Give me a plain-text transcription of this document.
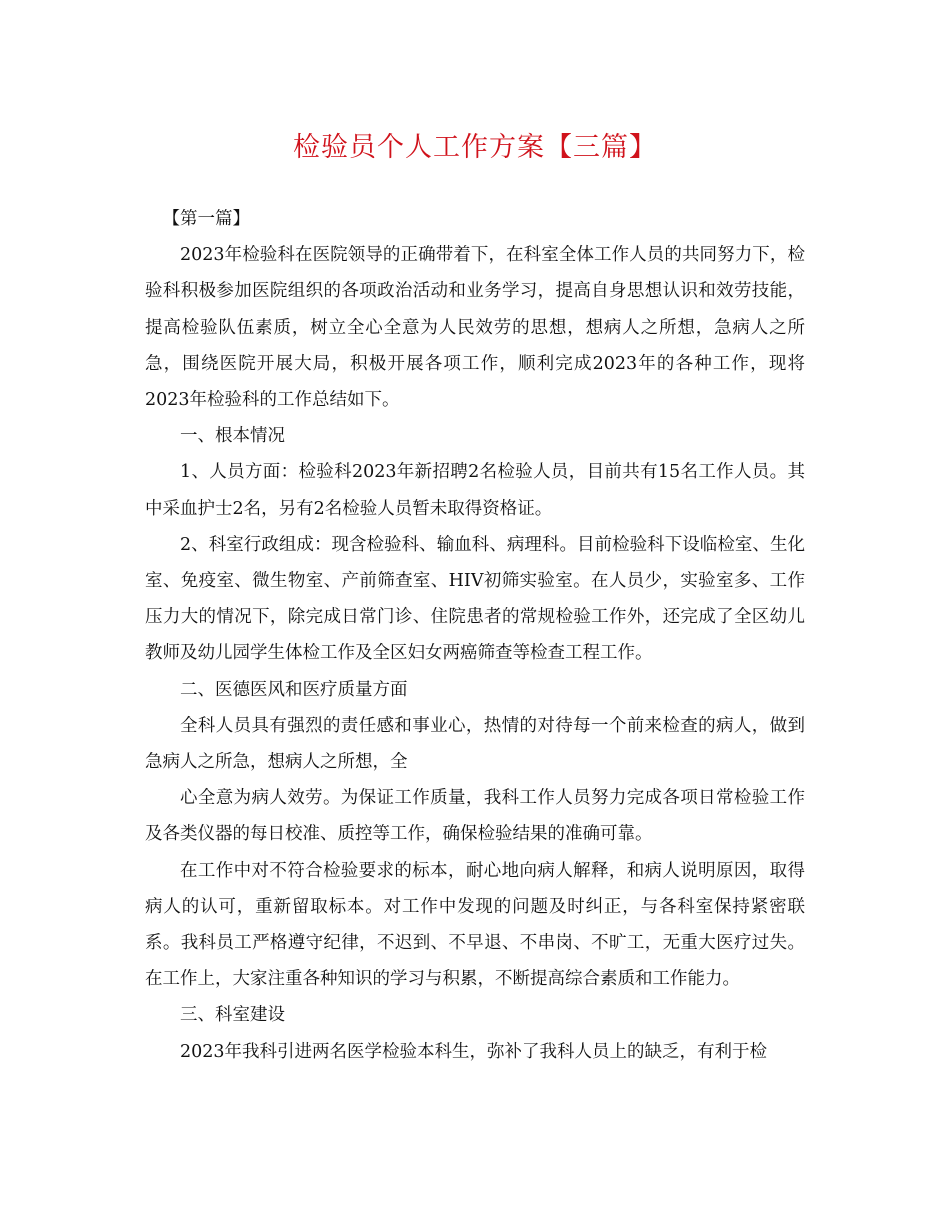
检验员个人工作方案【三篇】

【第一篇】

2023年检验科在医院领导的正确带着下，在科室全体工作人员的共同努力下，检验科积极参加医院组织的各项政治活动和业务学习，提高自身思想认识和效劳技能，提高检验队伍素质，树立全心全意为人民效劳的思想，想病人之所想，急病人之所急，围绕医院开展大局，积极开展各项工作，顺利完成2023年的各种工作，现将2023年检验科的工作总结如下。

一、根本情况

1、人员方面：检验科2023年新招聘2名检验人员，目前共有15名工作人员。其中采血护士2名，另有2名检验人员暂未取得资格证。

2、科室行政组成：现含检验科、输血科、病理科。目前检验科下设临检室、生化室、免疫室、微生物室、产前筛查室、HIV初筛实验室。在人员少，实验室多、工作压力大的情况下，除完成日常门诊、住院患者的常规检验工作外，还完成了全区幼儿教师及幼儿园学生体检工作及全区妇女两癌筛查等检查工程工作。

二、医德医风和医疗质量方面

全科人员具有强烈的责任感和事业心，热情的对待每一个前来检查的病人，做到急病人之所急，想病人之所想，全

心全意为病人效劳。为保证工作质量，我科工作人员努力完成各项日常检验工作及各类仪器的每日校准、质控等工作，确保检验结果的准确可靠。

在工作中对不符合检验要求的标本，耐心地向病人解释，和病人说明原因，取得病人的认可，重新留取标本。对工作中发现的问题及时纠正，与各科室保持紧密联系。我科员工严格遵守纪律，不迟到、不早退、不串岗、不旷工，无重大医疗过失。在工作上，大家注重各种知识的学习与积累，不断提高综合素质和工作能力。

三、科室建设

2023年我科引进两名医学检验本科生，弥补了我科人员上的缺乏，有利于检
